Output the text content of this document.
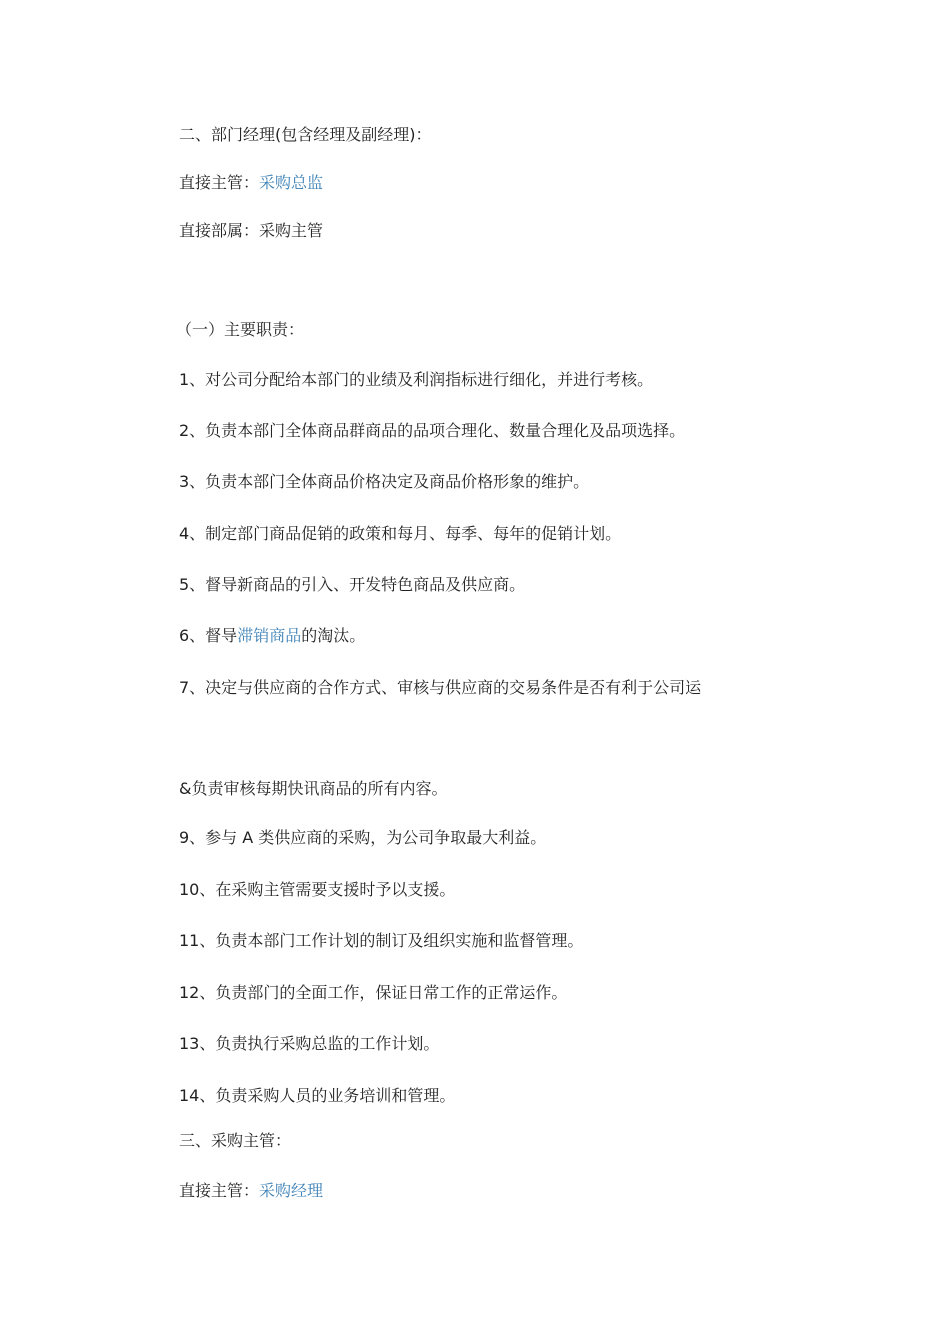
二、部门经理(包含经理及副经理)：
直接主管：采购总监
直接部属：采购主管
（一）主要职责：
1、对公司分配给本部门的业绩及利润指标进行细化，并进行考核。
2、负责本部门全体商品群商品的品项合理化、数量合理化及品项选择。
3、负责本部门全体商品价格决定及商品价格形象的维护。
4、制定部门商品促销的政策和每月、每季、每年的促销计划。
5、督导新商品的引入、开发特色商品及供应商。
6、督导滞销商品的淘汰。
7、决定与供应商的合作方式、审核与供应商的交易条件是否有利于公司运
&负责审核每期快讯商品的所有内容。
9、参与 A 类供应商的采购，为公司争取最大利益。
10、在采购主管需要支援时予以支援。
11、负责本部门工作计划的制订及组织实施和监督管理。
12、负责部门的全面工作，保证日常工作的正常运作。
13、负责执行采购总监的工作计划。
14、负责采购人员的业务培训和管理。
三、采购主管：
直接主管：采购经理
